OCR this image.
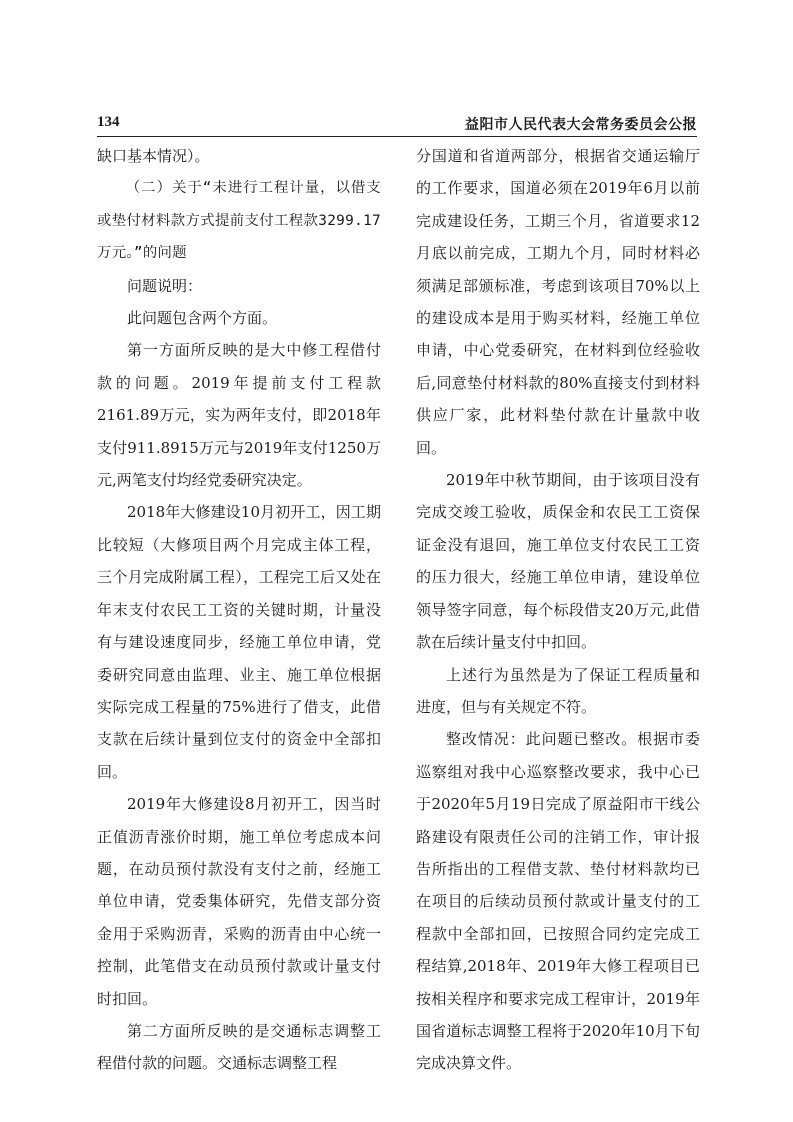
134	益阳市人民代表大会常务委员会公报

缺口基本情况）。

（二）关于“未进行工程计量，以借支或垫付材料款方式提前支付工程款3299.17万元。”的问题

问题说明：

此问题包含两个方面。

第一方面所反映的是大中修工程借付款的问题。2019年提前支付工程款2161.89万元，实为两年支付，即2018年支付911.8915万元与2019年支付1250万元,两笔支付均经党委研究决定。

2018年大修建设10月初开工，因工期比较短（大修项目两个月完成主体工程，三个月完成附属工程），工程完工后又处在年末支付农民工工资的关键时期，计量没有与建设速度同步，经施工单位申请，党委研究同意由监理、业主、施工单位根据实际完成工程量的75%进行了借支，此借支款在后续计量到位支付的资金中全部扣回。

2019年大修建设8月初开工，因当时正值沥青涨价时期，施工单位考虑成本问题，在动员预付款没有支付之前，经施工单位申请，党委集体研究，先借支部分资金用于采购沥青，采购的沥青由中心统一控制，此笔借支在动员预付款或计量支付时扣回。

第二方面所反映的是交通标志调整工程借付款的问题。交通标志调整工程

分国道和省道两部分，根据省交通运输厅的工作要求，国道必须在2019年6月以前完成建设任务，工期三个月，省道要求12月底以前完成，工期九个月，同时材料必须满足部颁标准，考虑到该项目70%以上的建设成本是用于购买材料，经施工单位申请，中心党委研究，在材料到位经验收后,同意垫付材料款的80%直接支付到材料供应厂家，此材料垫付款在计量款中收回。

2019年中秋节期间，由于该项目没有完成交竣工验收，质保金和农民工工资保证金没有退回，施工单位支付农民工工资的压力很大，经施工单位申请，建设单位领导签字同意，每个标段借支20万元,此借款在后续计量支付中扣回。

上述行为虽然是为了保证工程质量和进度，但与有关规定不符。

整改情况：此问题已整改。根据市委巡察组对我中心巡察整改要求，我中心已于2020年5月19日完成了原益阳市干线公路建设有限责任公司的注销工作，审计报告所指出的工程借支款、垫付材料款均已在项目的后续动员预付款或计量支付的工程款中全部扣回，已按照合同约定完成工程结算,2018年、2019年大修工程项目已按相关程序和要求完成工程审计，2019年国省道标志调整工程将于2020年10月下旬完成决算文件。
